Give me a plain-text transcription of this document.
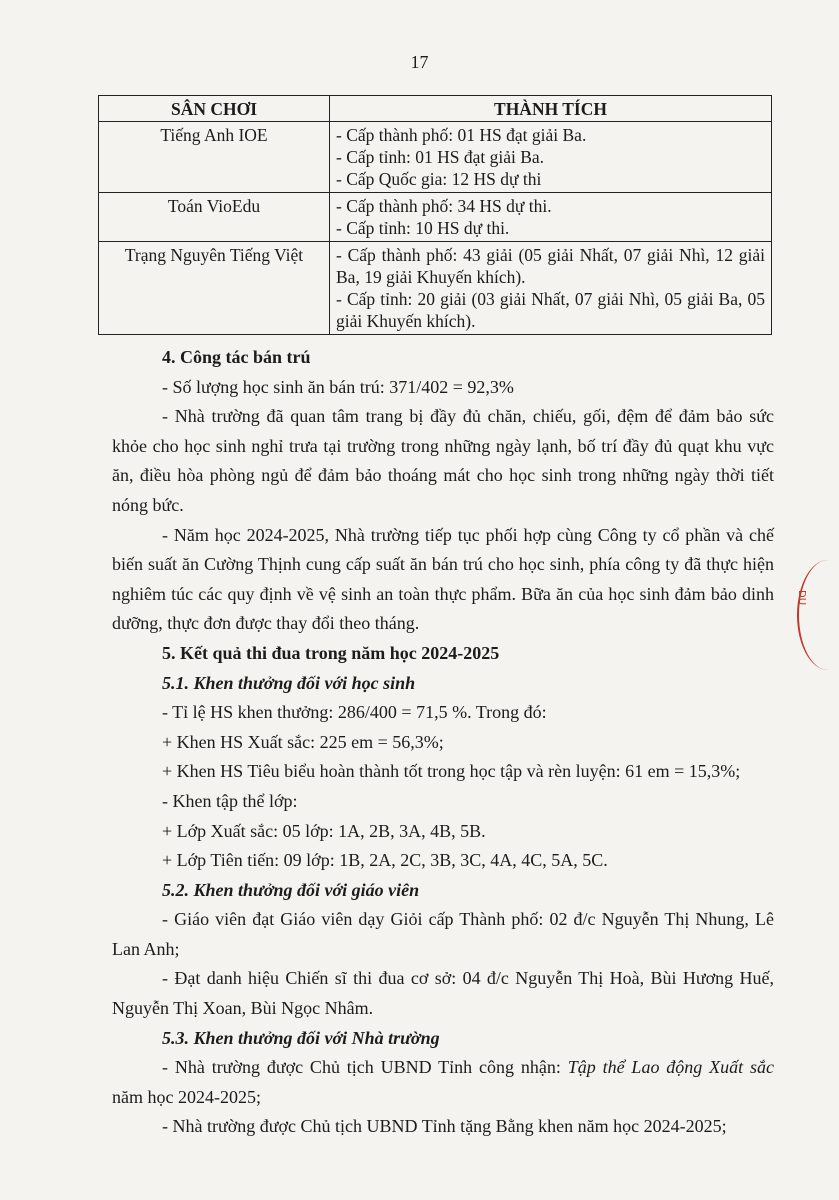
17
SÂN CHƠI	THÀNH TÍCH
Tiếng Anh IOE	- Cấp thành phố: 01 HS đạt giải Ba.
- Cấp tỉnh: 01 HS đạt giải Ba.
- Cấp Quốc gia: 12 HS dự thi

Toán VioEdu	- Cấp thành phố: 34 HS dự thi.
- Cấp tỉnh: 10 HS dự thi.

Trạng Nguyên Tiếng Việt	- Cấp thành phố: 43 giải (05 giải Nhất, 07 giải Nhì, 12 giải Ba, 19 giải Khuyến khích).
- Cấp tỉnh: 20 giải (03 giải Nhất, 07 giải Nhì, 05 giải Ba, 05 giải Khuyến khích).

4. Công tác bán trú

- Số lượng học sinh ăn bán trú: 371/402 = 92,3%

- Nhà trường đã quan tâm trang bị đầy đủ chăn, chiếu, gối, đệm để đảm bảo sức khỏe cho học sinh nghỉ trưa tại trường trong những ngày lạnh, bố trí đầy đủ quạt khu vực ăn, điều hòa phòng ngủ để đảm bảo thoáng mát cho học sinh trong những ngày thời tiết nóng bức.

- Năm học 2024-2025, Nhà trường tiếp tục phối hợp cùng Công ty cổ phần và chế biến suất ăn Cường Thịnh cung cấp suất ăn bán trú cho học sinh, phía công ty đã thực hiện nghiêm túc các quy định về vệ sinh an toàn thực phẩm. Bữa ăn của học sinh đảm bảo dinh dưỡng, thực đơn được thay đổi theo tháng.

5. Kết quả thi đua trong năm học 2024-2025

5.1. Khen thưởng đối với học sinh

- Tỉ lệ HS khen thưởng: 286/400 = 71,5 %. Trong đó:

+ Khen HS Xuất sắc: 225 em = 56,3%;

+ Khen HS Tiêu biểu hoàn thành tốt trong học tập và rèn luyện: 61 em = 15,3%;

- Khen tập thể lớp:

+ Lớp Xuất sắc: 05 lớp: 1A, 2B, 3A, 4B, 5B.

+ Lớp Tiên tiến: 09 lớp: 1B, 2A, 2C, 3B, 3C, 4A, 4C, 5A, 5C.

5.2. Khen thưởng đối với giáo viên

- Giáo viên đạt Giáo viên dạy Giỏi cấp Thành phố: 02 đ/c Nguyễn Thị Nhung, Lê Lan Anh;

- Đạt danh hiệu Chiến sĩ thi đua cơ sở: 04 đ/c Nguyễn Thị Hoà, Bùi Hương Huế, Nguyễn Thị Xoan, Bùi Ngọc Nhâm.

5.3. Khen thưởng đối với Nhà trường

- Nhà trường được Chủ tịch UBND Tỉnh công nhận: Tập thể Lao động Xuất sắc năm học 2024-2025;

- Nhà trường được Chủ tịch UBND Tỉnh tặng Bằng khen năm học 2024-2025;

DU
